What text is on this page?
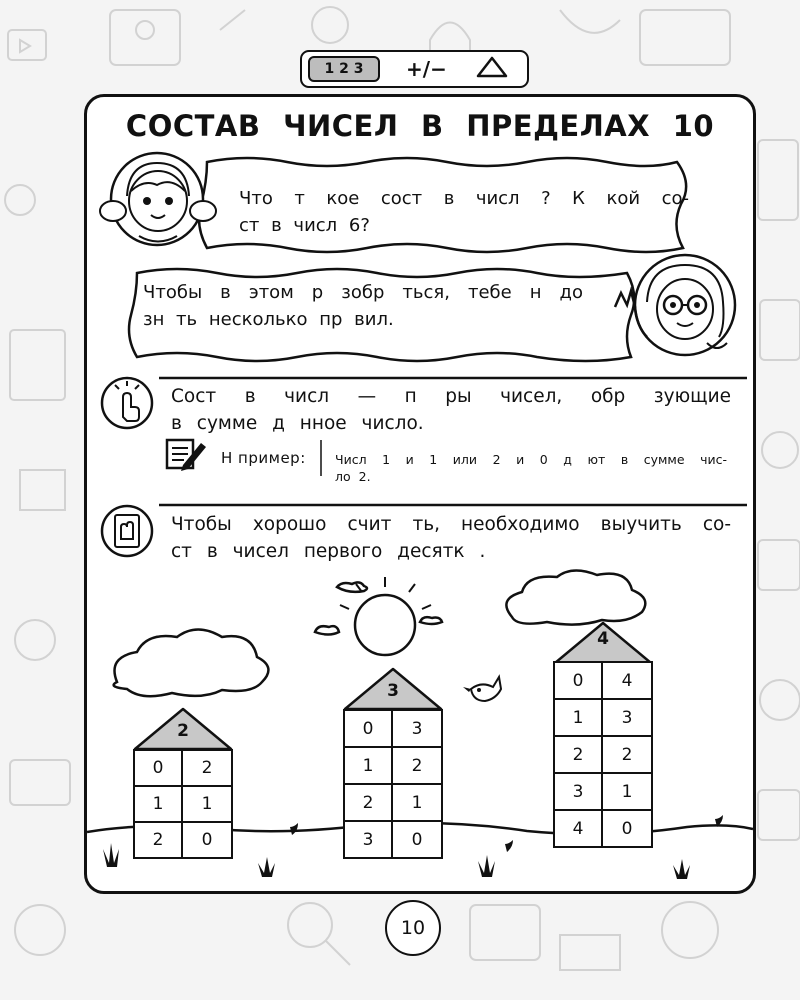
1 2 3	+/−
СОСТАВ ЧИСЕЛ В ПРЕДЕЛАХ 10
Что т кое сост в числ ? К кой со-
ст в числ 6?
Чтобы в этом р зобр ться, тебе н до
зн ть несколько пр вил.
Сост в числ — п ры чисел, обр зующие
в сумме д нное число.
Н пример: Числ 1 и 1 или 2 и 0 д ют в сумме чис-
ло 2.
Чтобы хорошо счит ть, необходимо выучить со-
ст в чисел первого десятк .
2
0	2
1	1
2	0
3
0	3
1	2
2	1
3	0
4
0	4
1	3
2	2
3	1
4	0
10
